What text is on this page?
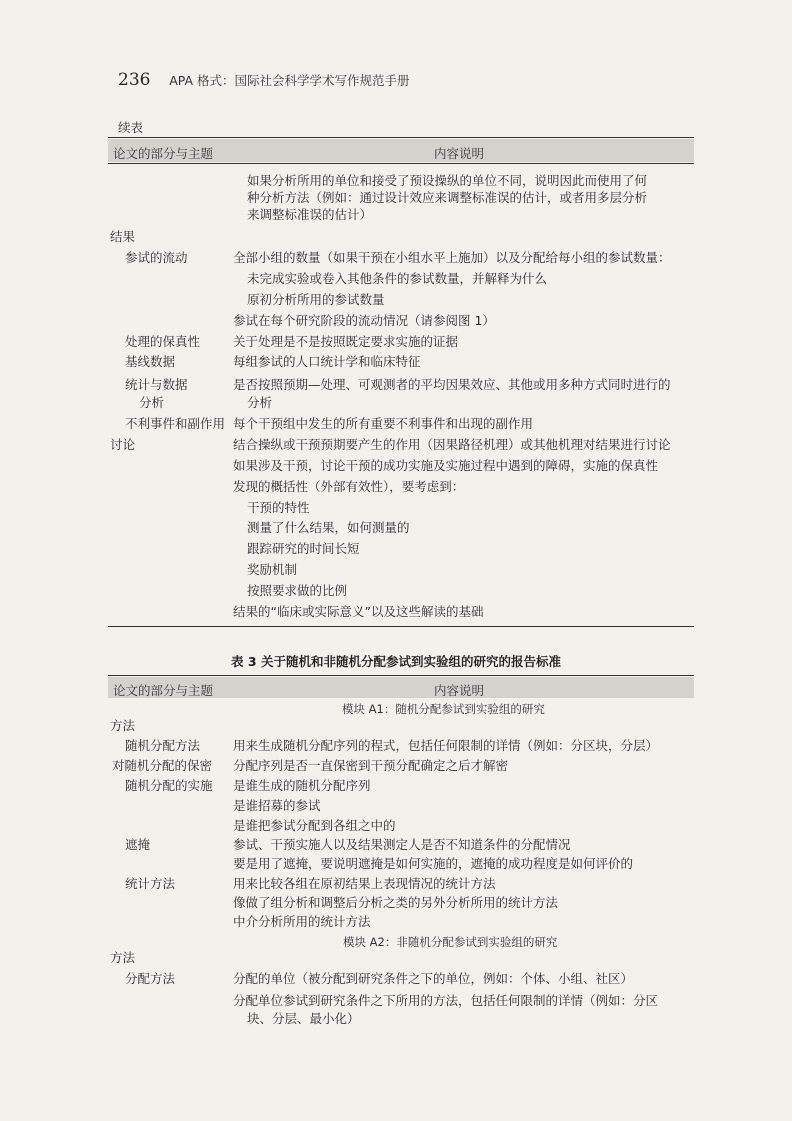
236 APA 格式：国际社会科学学术写作规范手册
续表
论文的部分与主题	内容说明
如果分析所用的单位和接受了预设操纵的单位不同，说明因此而使用了何
种分析方法（例如：通过设计效应来调整标准误的估计，或者用多层分析
来调整标准误的估计）
结果
参试的流动	全部小组的数量（如果干预在小组水平上施加）以及分配给每小组的参试数量：
未完成实验或卷入其他条件的参试数量，并解释为什么
原初分析所用的参试数量
参试在每个研究阶段的流动情况（请参阅图 1）
处理的保真性	关于处理是不是按照既定要求实施的证据
基线数据	每组参试的人口统计学和临床特征
统计与数据	是否按照预期—处理、可观测者的平均因果效应、其他或用多种方式同时进行的
分析	分析
不利事件和副作用 每个干预组中发生的所有重要不利事件和出现的副作用
讨论	结合操纵或干预预期要产生的作用（因果路径机理）或其他机理对结果进行讨论
如果涉及干预，讨论干预的成功实施及实施过程中遇到的障碍，实施的保真性
发现的概括性（外部有效性），要考虑到：
干预的特性
测量了什么结果，如何测量的
跟踪研究的时间长短
奖励机制
按照要求做的比例
结果的“临床或实际意义”以及这些解读的基础
表 3 关于随机和非随机分配参试到实验组的研究的报告标准
论文的部分与主题	内容说明
模块 A1：随机分配参试到实验组的研究
方法
随机分配方法	用来生成随机分配序列的程式，包括任何限制的详情（例如：分区块，分层）
对随机分配的保密 分配序列是否一直保密到干预分配确定之后才解密
随机分配的实施 是谁生成的随机分配序列
是谁招募的参试
是谁把参试分配到各组之中的
遮掩	参试、干预实施人以及结果测定人是否不知道条件的分配情况
要是用了遮掩，要说明遮掩是如何实施的，遮掩的成功程度是如何评价的
统计方法	用来比较各组在原初结果上表现情况的统计方法
像做了组分析和调整后分析之类的另外分析所用的统计方法
中介分析所用的统计方法
模块 A2：非随机分配参试到实验组的研究
方法
分配方法	分配的单位（被分配到研究条件之下的单位，例如：个体、小组、社区）
分配单位参试到研究条件之下所用的方法，包括任何限制的详情（例如：分区
块、分层、最小化）
